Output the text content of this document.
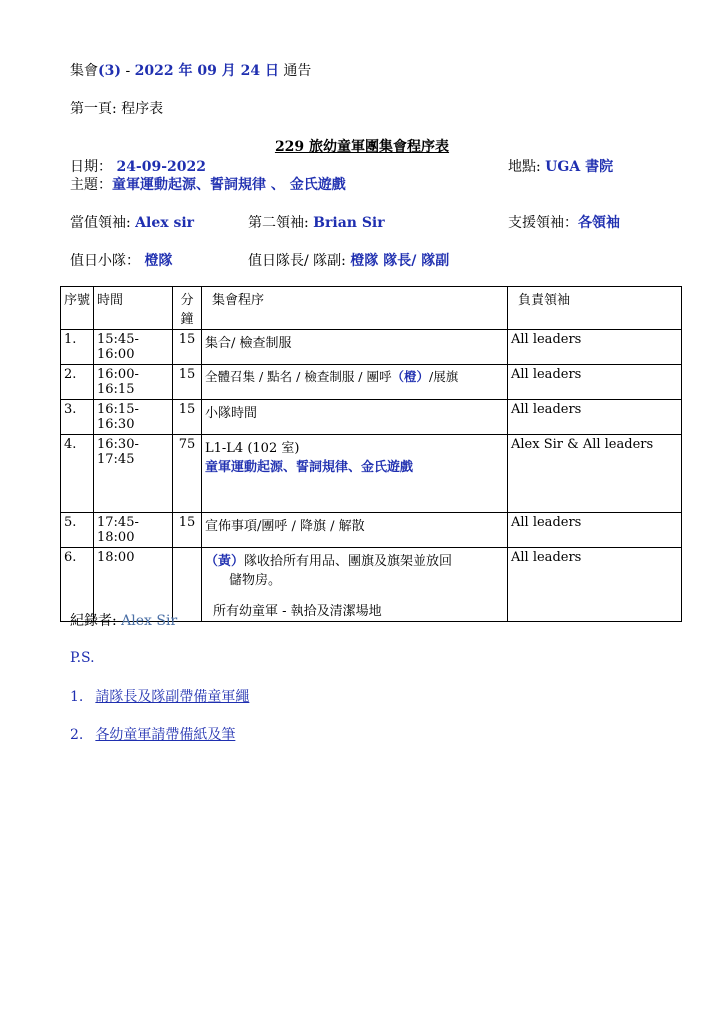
集會(3) - 2022 年 09 月 24 日 通告
第一頁: 程序表
229 旅幼童軍團集會程序表
日期： 24-09-2022	地點: UGA 書院
主題：童軍運動起源、誓詞規律 、 金氏遊戲
當值領袖: Alex sir	第二領袖: Brian Sir	支援領袖：各領袖
值日小隊： 橙隊	值日隊長/ 隊副: 橙隊 隊長/ 隊副
序號	時間	分鐘	集會程序	負責領袖
1.	15:45-16:00	15	集合/ 檢查制服	All leaders
2.	16:00-16:15	15	全體召集 / 點名 / 檢查制服 / 團呼（橙）/展旗	All leaders
3.	16:15-16:30	15	小隊時間	All leaders
4.	16:30-17:45	75	L1-L4 (102 室)
童軍運動起源、誓詞規律、金氏遊戲	Alex Sir & All leaders
5.	17:45-18:00	15	宣佈事項/團呼 / 降旗 / 解散	All leaders
6.	18:00		（黃）隊收拾所有用品、團旗及旗架並放回
儲物房。
所有幼童軍 - 執拾及清潔場地	All leaders
紀錄者: Alex Sir
P.S.
1. 請隊長及隊副帶備童軍繩
2. 各幼童軍請帶備紙及筆
